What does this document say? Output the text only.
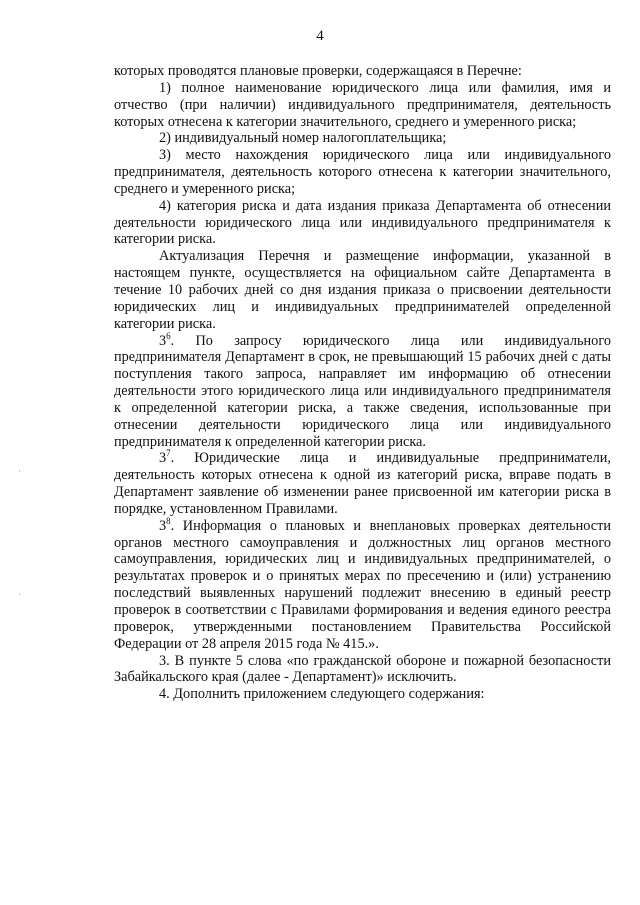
4

которых проводятся плановые проверки, содержащаяся в Перечне:

1) полное наименование юридического лица или фамилия, имя и отчество (при наличии) индивидуального предпринимателя, деятельность которых отнесена к категории значительного, среднего и умеренного риска;

2) индивидуальный номер налогоплательщика;

3) место нахождения юридического лица или индивидуального предпринимателя, деятельность которого отнесена к категории значительного, среднего и умеренного риска;

4) категория риска и дата издания приказа Департамента об отнесении деятельности юридического лица или индивидуального предпринимателя к категории риска.

Актуализация Перечня и размещение информации, указанной в настоящем пункте, осуществляется на официальном сайте Департамента в течение 10 рабочих дней со дня издания приказа о присвоении деятельности юридических лиц и индивидуальных предпринимателей определенной категории риска.

$3^6$. По запросу юридического лица или индивидуального предпринимателя Департамент в срок, не превышающий 15 рабочих дней с даты поступления такого запроса, направляет им информацию об отнесении деятельности этого юридического лица или индивидуального предпринимателя к определенной категории риска, а также сведения, использованные при отнесении деятельности юридического лица или индивидуального предпринимателя к определенной категории риска.

$3^7$. Юридические лица и индивидуальные предприниматели, деятельность которых отнесена к одной из категорий риска, вправе подать в Департамент заявление об изменении ранее присвоенной им категории риска в порядке, установленном Правилами.

$3^8$. Информация о плановых и внеплановых проверках деятельности органов местного самоуправления и должностных лиц органов местного самоуправления, юридических лиц и индивидуальных предпринимателей, о результатах проверок и о принятых мерах по пресечению и (или) устранению последствий выявленных нарушений подлежит внесению в единый реестр проверок в соответствии с Правилами формирования и ведения единого реестра проверок, утвержденными постановлением Правительства Российской Федерации от 28 апреля 2015 года № 415.».

3. В пункте 5 слова «по гражданской обороне и пожарной безопасности Забайкальского края (далее - Департамент)» исключить.

4. Дополнить приложением следующего содержания:
